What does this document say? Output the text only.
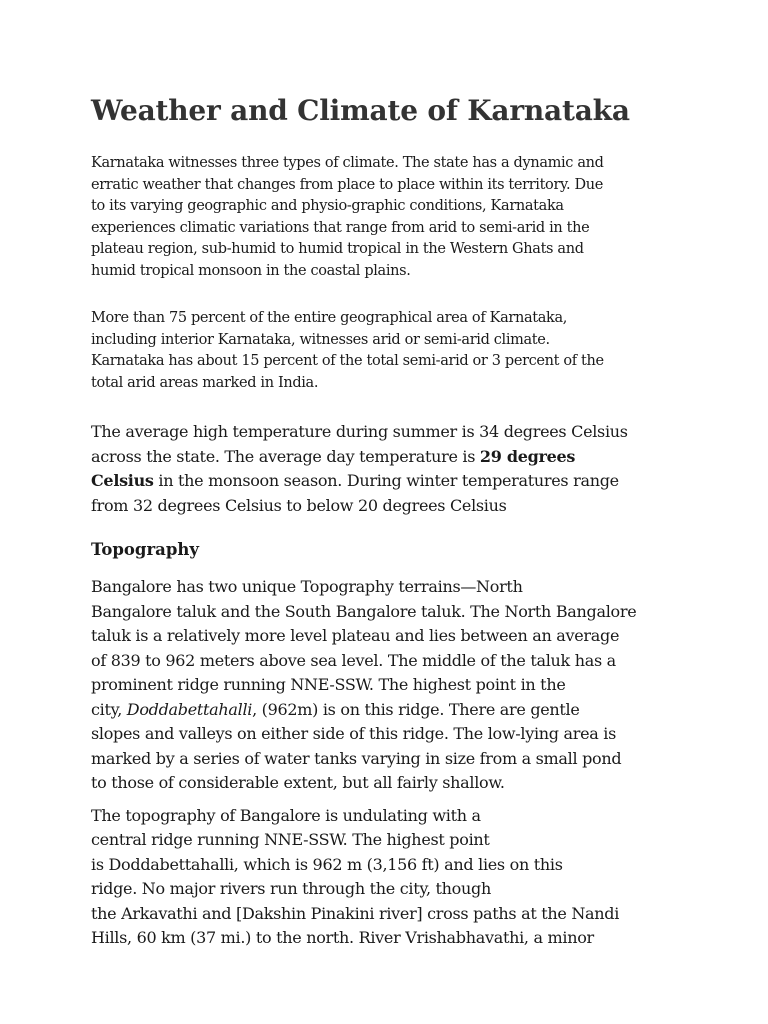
Weather and Climate of Karnataka

Karnataka witnesses three types of climate. The state has a dynamic and
erratic weather that changes from place to place within its territory. Due
to its varying geographic and physio-graphic conditions, Karnataka
experiences climatic variations that range from arid to semi-arid in the
plateau region, sub-humid to humid tropical in the Western Ghats and
humid tropical monsoon in the coastal plains.

More than 75 percent of the entire geographical area of Karnataka,
including interior Karnataka, witnesses arid or semi-arid climate.
Karnataka has about 15 percent of the total semi-arid or 3 percent of the
total arid areas marked in India.

The average high temperature during summer is 34 degrees Celsius
across the state. The average day temperature is 29 degrees
Celsius in the monsoon season. During winter temperatures range
from 32 degrees Celsius to below 20 degrees Celsius

Topography

Bangalore has two unique Topography terrains—North
Bangalore taluk and the South Bangalore taluk. The North Bangalore
taluk is a relatively more level plateau and lies between an average
of 839 to 962 meters above sea level. The middle of the taluk has a
prominent ridge running NNE-SSW. The highest point in the
city, Doddabettahalli, (962m) is on this ridge. There are gentle
slopes and valleys on either side of this ridge. The low-lying area is
marked by a series of water tanks varying in size from a small pond
to those of considerable extent, but all fairly shallow.

The topography of Bangalore is undulating with a
central ridge running NNE-SSW. The highest point
is Doddabettahalli, which is 962 m (3,156 ft) and lies on this
ridge. No major rivers run through the city, though
the Arkavathi and [Dakshin Pinakini river] cross paths at the Nandi
Hills, 60 km (37 mi.) to the north. River Vrishabhavathi, a minor
